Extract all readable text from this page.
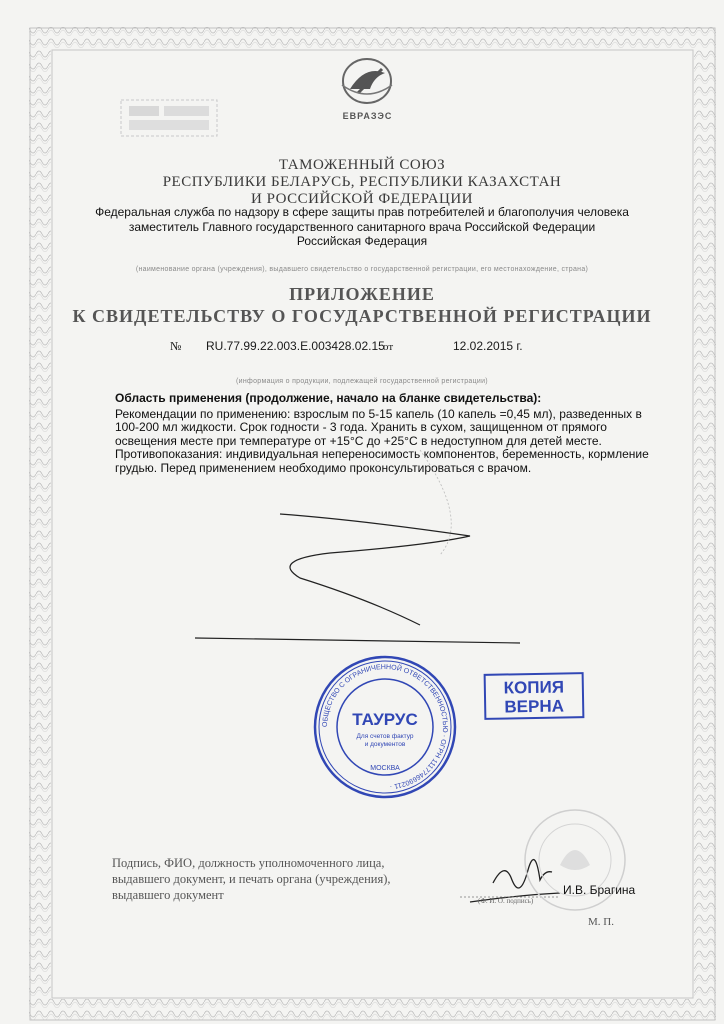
ЕВРАЗЭС
ТАМОЖЕННЫЙ СОЮЗ
РЕСПУБЛИКИ БЕЛАРУСЬ, РЕСПУБЛИКИ КАЗАХСТАН
И РОССИЙСКОЙ ФЕДЕРАЦИИ
Федеральная служба по надзору в сфере защиты прав потребителей и благополучия человека
заместитель Главного государственного санитарного врача Российской Федерации
Российская Федерация
(наименование органа (учреждения), выдавшего свидетельство о государственной регистрации, его местонахождение, страна)
ПРИЛОЖЕНИЕ
К СВИДЕТЕЛЬСТВУ О ГОСУДАРСТВЕННОЙ РЕГИСТРАЦИИ
№ RU.77.99.22.003.E.003428.02.15
от	12.02.2015 г.
(информация о продукции, подлежащей государственной регистрации)
Область применения (продолжение, начало на бланке свидетельства):
Рекомендации по применению: взрослым по 5-15 капель (10 капель =0,45 мл), разведенных в 100-200 мл жидкости. Срок годности - 3 года. Хранить в сухом, защищенном от прямого освещения месте при температуре от +15°С до +25°С в недоступном для детей месте. Противопоказания: индивидуальная непереносимость компонентов, беременность, кормление грудью. Перед применением необходимо проконсультироваться с врачом.
ОБЩЕСТВО С ОГРАНИЧЕННОЙ ОТВЕТСТВЕННОСТЬЮ · ОГРН 1117746690211 ·
ТАУРУС
Для счетов фактур
и документов
МОСКВА
КОПИЯ
ВЕРНА
Подпись, ФИО, должность уполномоченного лица, выдавшего документ, и печать органа (учреждения), выдавшего документ	И.В. Брагина
(Ф. И. О. подпись)
М. П.
